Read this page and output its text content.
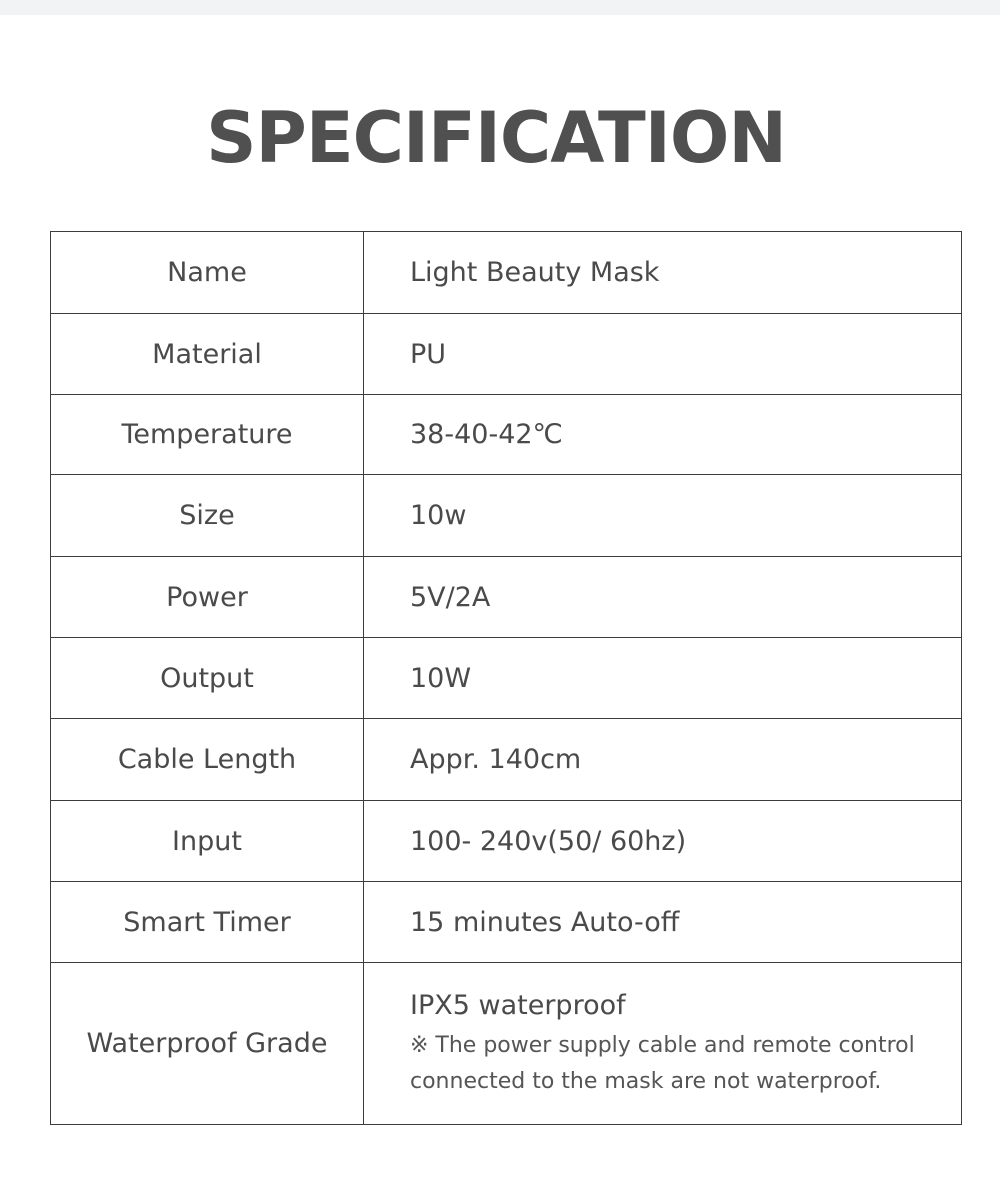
SPECIFICATION
Name	Light Beauty Mask
Material	PU
Temperature	38-40-42℃
Size	10w
Power	5V/2A
Output	10W
Cable Length	Appr. 140cm
Input	100- 240v(50/ 60hz)
Smart Timer	15 minutes Auto-off
Waterproof Grade	IPX5 waterproof
※ The power supply cable and remote control connected to the mask are not waterproof.
